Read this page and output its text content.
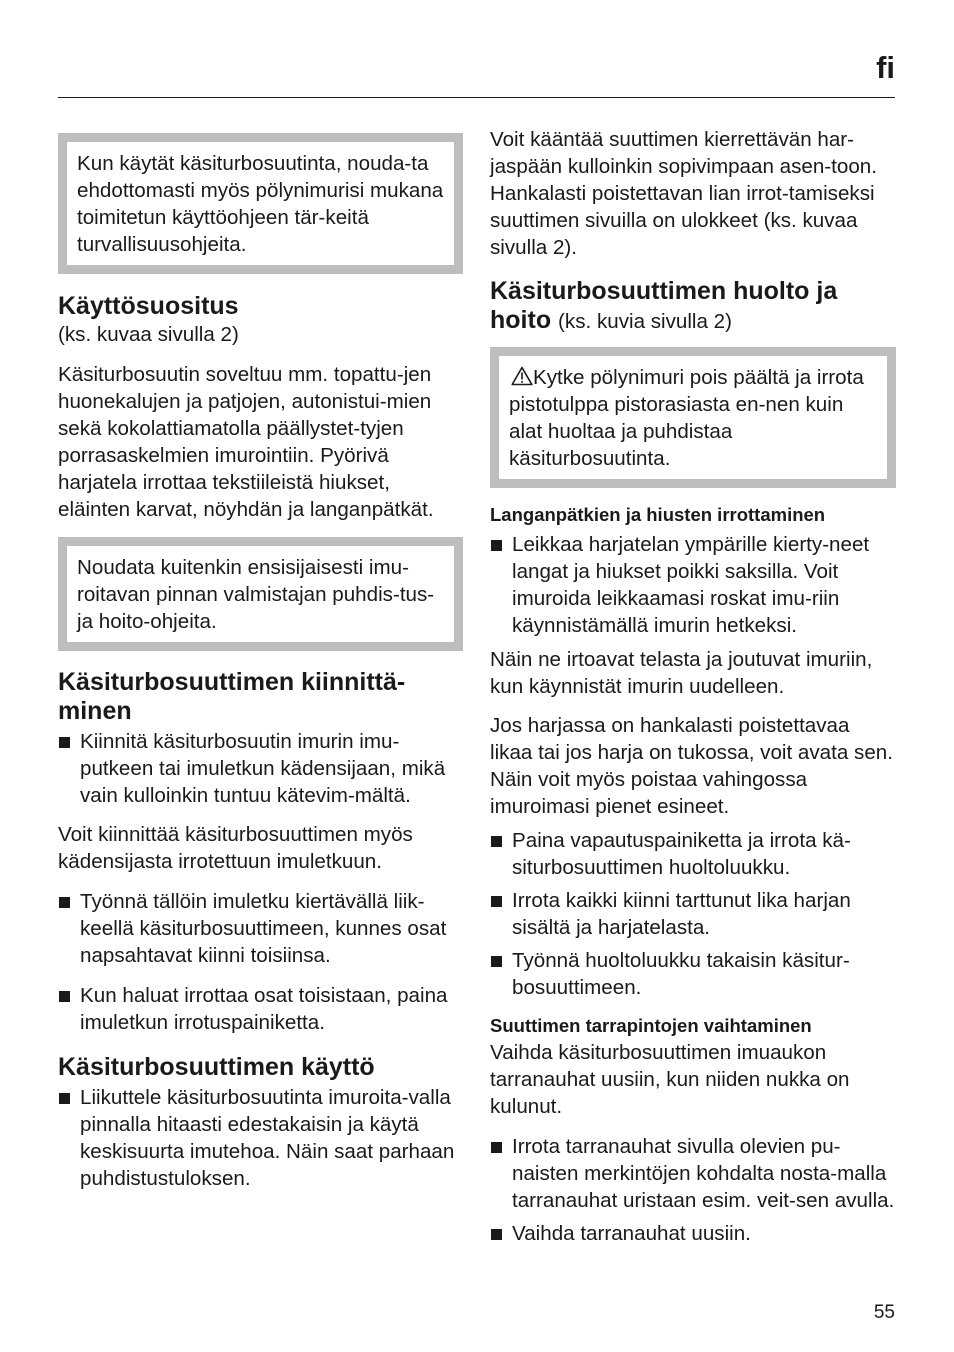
fi

Kun käytät käsiturbosuutinta, nouda-ta ehdottomasti myös pölynimurisi mukana toimitetun käyttöohjeen tär-keitä turvallisuusohjeita.

Käyttösuositus

(ks. kuvaa sivulla 2)

Käsiturbosuutin soveltuu mm. topattu-jen huonekalujen ja patjojen, autonistui-mien sekä kokolattiamatolla päällystet-tyjen porrasaskelmien imurointiin. Pyörivä harjatela irrottaa tekstiileistä hiukset, eläinten karvat, nöyhdän ja langanpätkät.

Noudata kuitenkin ensisijaisesti imu-roitavan pinnan valmistajan puhdis-tus- ja hoito-ohjeita.

Käsiturbosuuttimen kiinnittä-minen
Kiinnitä käsiturbosuutin imurin imu-putkeen tai imuletkun kädensijaan, mikä vain kulloinkin tuntuu kätevim-mältä.

Voit kiinnittää käsiturbosuuttimen myös kädensijasta irrotettuun imuletkuun.

Työnnä tällöin imuletku kiertävällä liik-keellä käsiturbosuuttimeen, kunnes osat napsahtavat kiinni toisiinsa.
Kun haluat irrottaa osat toisistaan, paina imuletkun irrotuspainiketta.
Käsiturbosuuttimen käyttö
Liikuttele käsiturbosuutinta imuroita-valla pinnalla hitaasti edestakaisin ja käytä keskisuurta imutehoa. Näin saat parhaan puhdistustuloksen.

Voit kääntää suuttimen kierrettävän har-jaspään kulloinkin sopivimpaan asen-toon. Hankalasti poistettavan lian irrot-tamiseksi suuttimen sivuilla on ulokkeet (ks. kuvaa sivulla 2).

Käsiturbosuuttimen huolto ja hoito (ks. kuvia sivulla 2)

Kytke pölynimuri pois päältä ja irrota pistotulppa pistorasiasta en-nen kuin alat huoltaa ja puhdistaa käsiturbosuutinta.

Langanpätkien ja hiusten irrottaminen
Leikkaa harjatelan ympärille kierty-neet langat ja hiukset poikki saksilla. Voit imuroida leikkaamasi roskat imu-riin käynnistämällä imurin hetkeksi.

Näin ne irtoavat telasta ja joutuvat imuriin, kun käynnistät imurin uudelleen.

Jos harjassa on hankalasti poistettavaa likaa tai jos harja on tukossa, voit avata sen. Näin voit myös poistaa vahingossa imuroimasi pienet esineet.

Paina vapautuspainiketta ja irrota kä-siturbosuuttimen huoltoluukku.
Irrota kaikki kiinni tarttunut lika harjan sisältä ja harjatelasta.
Työnnä huoltoluukku takaisin käsitur-bosuuttimeen.
Suuttimen tarrapintojen vaihtaminen

Vaihda käsiturbosuuttimen imuaukon tarranauhat uusiin, kun niiden nukka on kulunut.

Irrota tarranauhat sivulla olevien pu-naisten merkintöjen kohdalta nosta-malla tarranauhat uristaan esim. veit-sen avulla.
Vaihda tarranauhat uusiin.
55
